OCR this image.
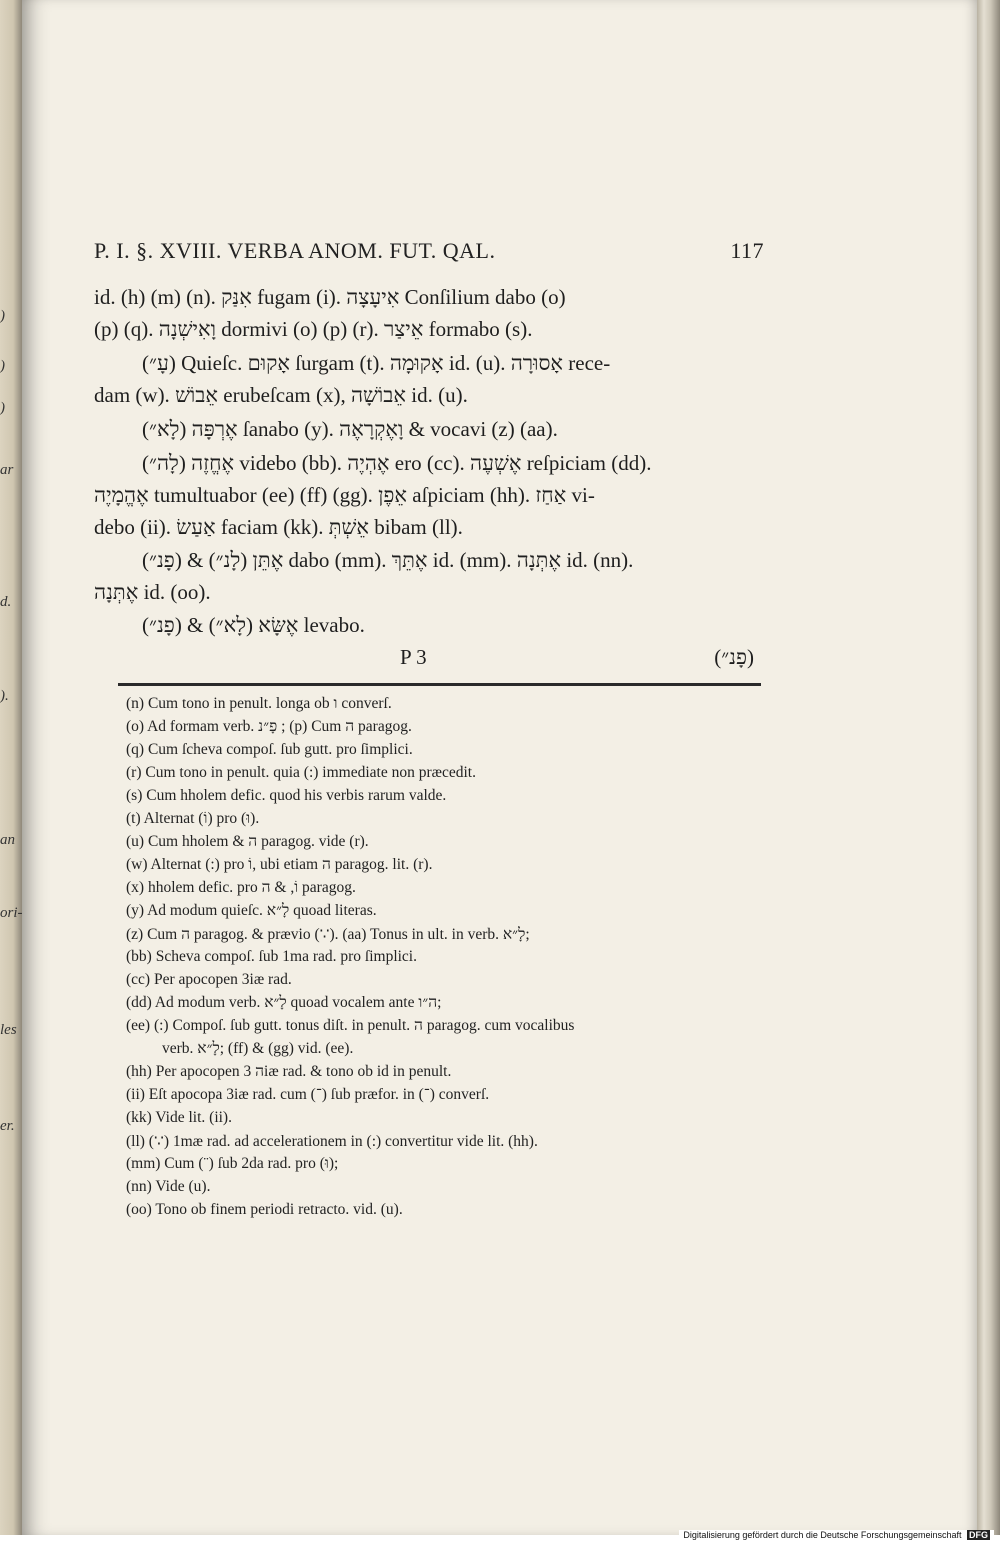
)
)
)
ar
d.
).
an
ori-
les
er.
P. I. §. XVIII. VERBA ANOM. FUT. QAL.	117
id. (h) (m) (n). אִנַּק fugam (i). אִיעָצָה Conſilium dabo (o)
(p) (q). וָאִישְׁנָה dormivi (o) (p) (r). אֵיצַר formabo (s).
(עָ״) Quieſc. אָקוּם ſurgam (t). אָקוּמָה id. (u). אָסוּרָה rece-
dam (w). אֵבוֹשׁ erubeſcam (x), אֵבוֹשָׁה id. (u).
(לָא״) אֶרְפָּה ſanabo (y). וָאֶקְרָאֶה & vocavi (z) (aa).
(לָה״) אֶחֱזֶה videbo (bb). אֶהְיֶה ero (cc). אֶשְׁעֶה reſpiciam (dd).
אֶהֱמָיֶה tumultuabor (ee) (ff) (gg). אֵפֶן aſpiciam (hh). אַחַז vi-
debo (ii). אַעַשׂ faciam (kk). אֵשְׁתְּ bibam (ll).
(פָנ״) & (לָנ״) אֶתֵּן dabo (mm). אֶתֵּךְ id. (mm). אֶתְּנָה id. (nn).
אֶתְּנָה id. (oo).
(פָנ״) & (לָא״) אֶשָּׂא levabo.
P 3	(פָנ״)
(n) Cum tono in penult. longa ob ו converſ.
(o) Ad formam verb. פָ״נ ; (p) Cum ה paragog.
(q) Cum ſcheva compoſ. ſub gutt. pro ſimplici.
(r) Cum tono in penult. quia (:) immediate non præcedit.
(s) Cum hholem defic. quod his verbis rarum valde.
(t) Alternat (וֹ) pro (וּ).
(u) Cum hholem & ה paragog. vide (r).
(w) Alternat (:) pro וֹ, ubi etiam ה paragog. lit. (r).
(x) hholem defic. pro וֹ, & ה paragog.
(y) Ad modum quieſc. לָ״א quoad literas.
(z) Cum ה paragog. & prævio (∵). (aa) Tonus in ult. in verb. לָ״א;
(bb) Scheva compoſ. ſub 1ma rad. pro ſimplici.
(cc) Per apocopen 3iæ rad.
(dd) Ad modum verb. לָ״א quoad vocalem ante ה״ו;
(ee) (:) Compoſ. ſub gutt. tonus diſt. in penult. ה paragog. cum vocalibus
verb. לָ״א; (ff) & (gg) vid. (ee).
(hh) Per apocopen ה 3iæ rad. & tono ob id in penult.
(ii) Eſt apocopa 3iæ rad. cum (־) ſub præfor. in (־) converſ.
(kk) Vide lit. (ii).
(ll) (∵) 1mæ rad. ad accelerationem in (:) convertitur vide lit. (hh).
(mm) Cum (¨) ſub 2da rad. pro (וּ);
(nn) Vide (u).
(oo) Tono ob finem periodi retracto. vid. (u).
Digitalisierung gefördert durch die Deutsche Forschungsgemeinschaft DFG
